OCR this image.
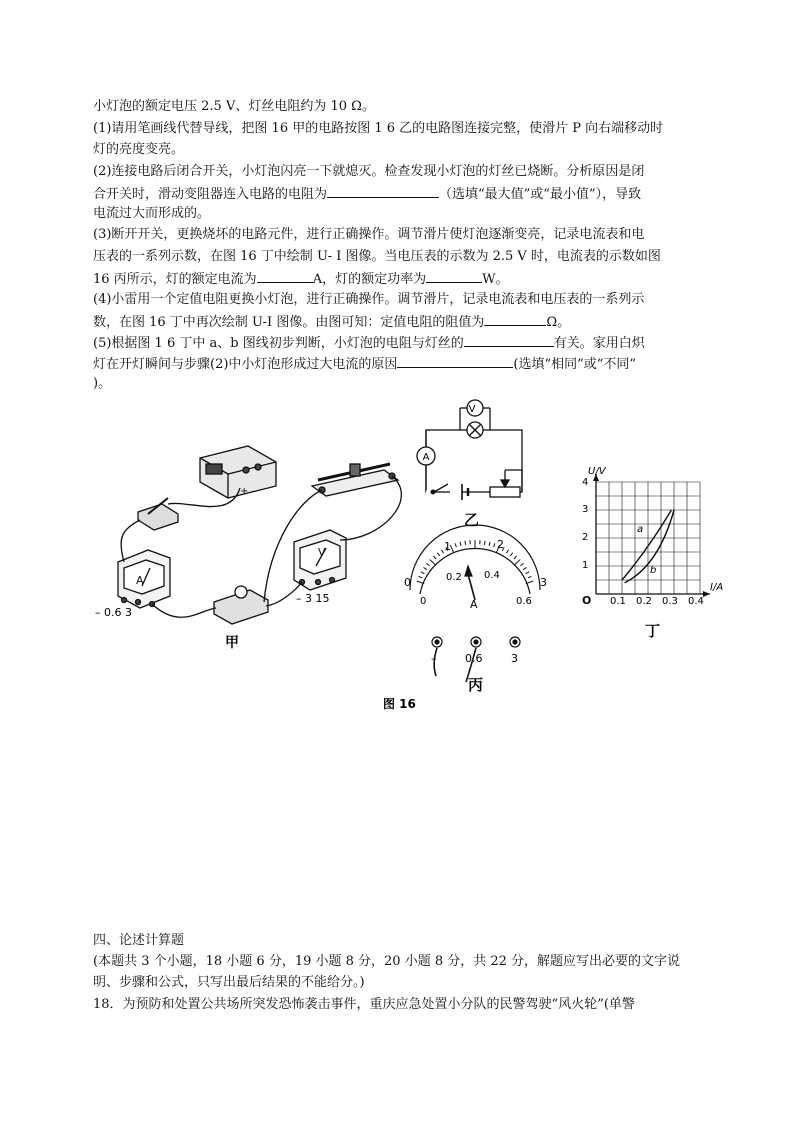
小灯泡的额定电压 2.5 V、灯丝电阻约为 10 Ω。
(1)请用笔画线代替导线，把图 16 甲的电路按图 1 6 乙的电路图连接完整，使滑片 P 向右端移动时
灯的亮度变亮。
(2)连接电路后闭合开关，小灯泡闪亮一下就熄灭。检查发现小灯泡的灯丝已烧断。分析原因是闭
合开关时，滑动变阻器连入电路的电阻为	（选填“最大值”或“最小值”），导致
电流过大而形成的。
(3)断开开关，更换烧坏的电路元件，进行正确操作。调节滑片使灯泡逐渐变亮，记录电流表和电
压表的一系列示数，在图 16 丁中绘制 U- I 图像。当电压表的示数为 2.5 V 时，电流表的示数如图
16 丙所示，灯的额定电流为	A，灯的额定功率为	W。
(4)小雷用一个定值电阻更换小灯泡，进行正确操作。调节滑片，记录电流表和电压表的一系列示
数，在图 16 丁中再次绘制 U-I 图像。由图可知：定值电阻的阻值为	Ω。
(5)根据图 1 6 丁中 a、b 图线初步判断，小灯泡的电阻与灯丝的	有关。家用白炽
灯在开灯瞬间与步骤(2)中小灯泡形成过大电流的原因	(选填“相同”或“不同”
)。
+ –
A
V
– 0.6 3
– 3 15
甲
V
A
乙
0
1	2
3
0
0.2 0.4
0.6
A
–	0.6	3
丙
U/V
I/A
O
1
2
3
4
0.1 0.2 0.3 0.4
a
b
丁
图 16
四、论述计算题
(本题共 3 个小题，18 小题 6 分，19 小题 8 分，20 小题 8 分，共 22 分，解题应写出必要的文字说
明、步骤和公式，只写出最后结果的不能给分。)
18．为预防和处置公共场所突发恐怖袭击事件，重庆应急处置小分队的民警驾驶“风火轮”(单警
